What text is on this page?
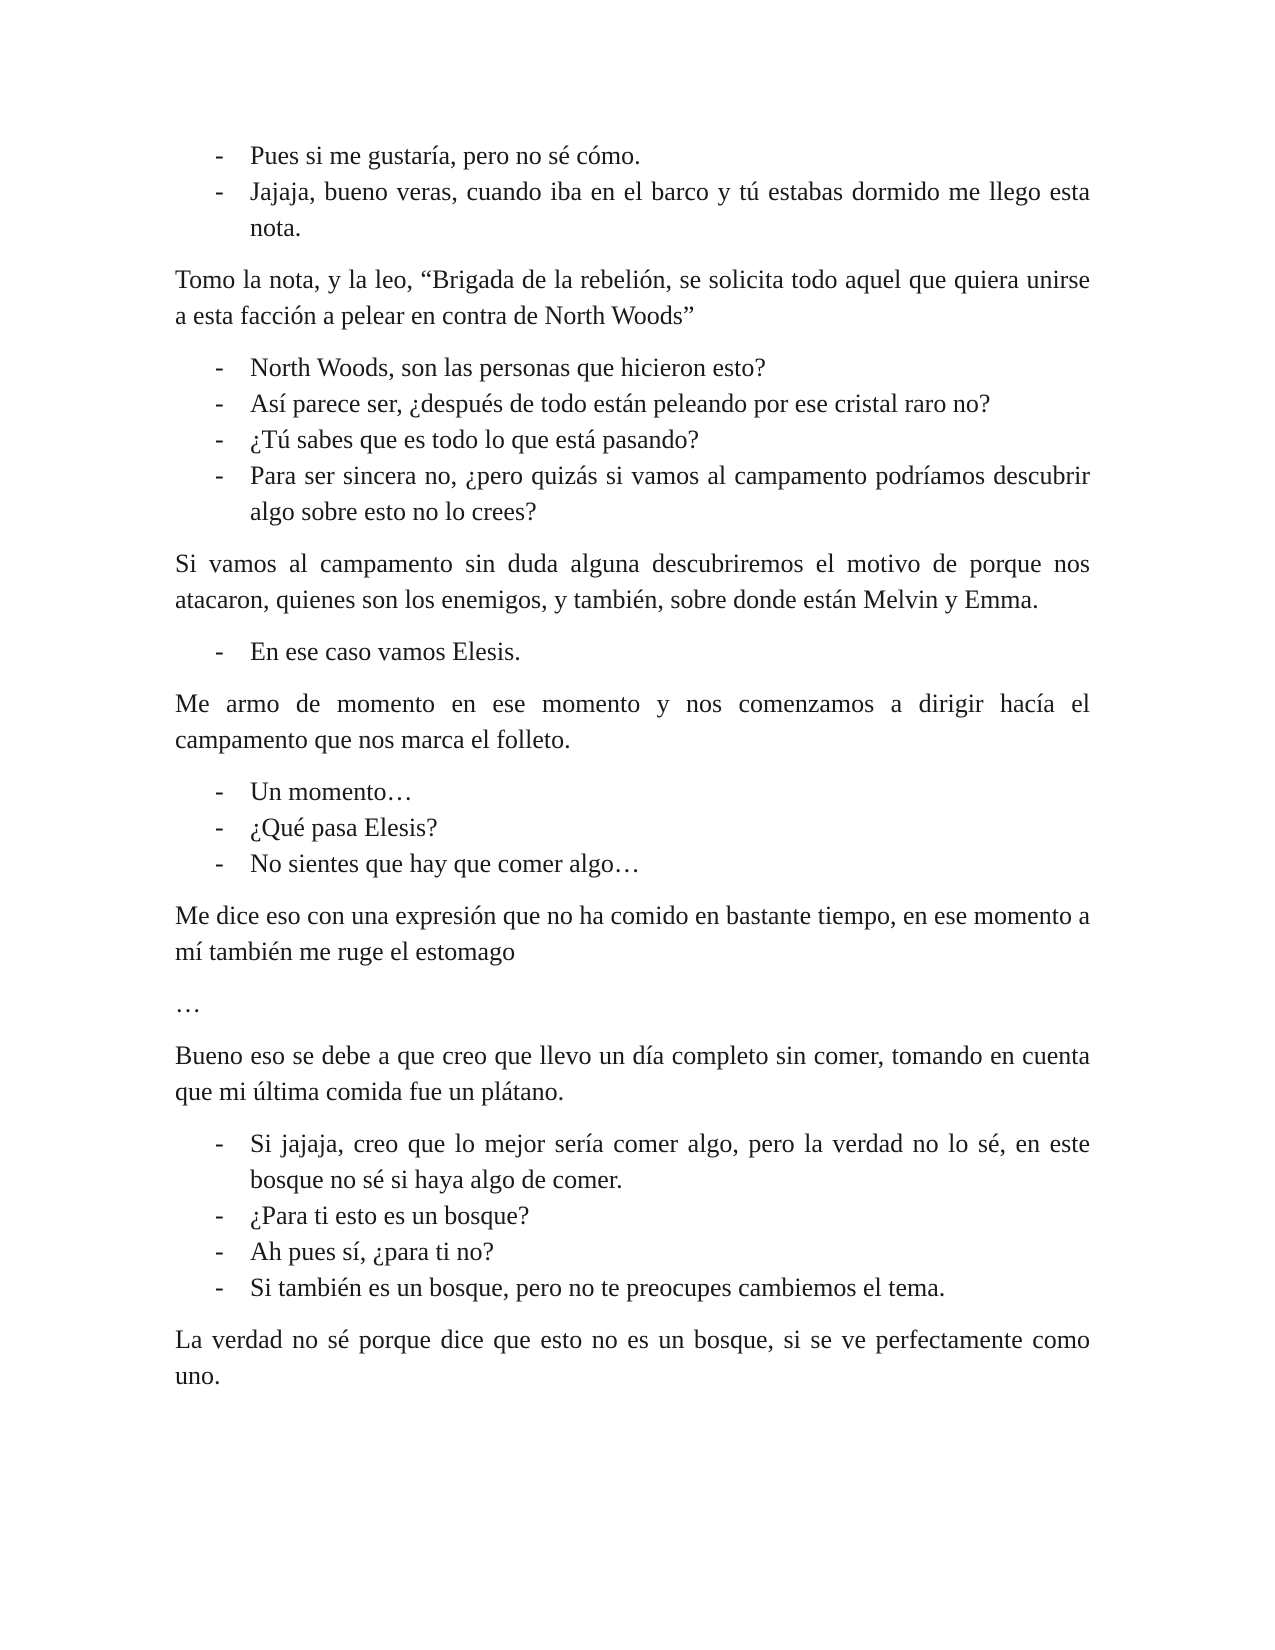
- Pues si me gustaría, pero no sé cómo.
- Jajaja, bueno veras, cuando iba en el barco y tú estabas dormido me llego esta nota.

Tomo la nota, y la leo, “Brigada de la rebelión, se solicita todo aquel que quiera unirse a esta facción a pelear en contra de North Woods”

- North Woods, son las personas que hicieron esto?
- Así parece ser, ¿después de todo están peleando por ese cristal raro no?
- ¿Tú sabes que es todo lo que está pasando?
- Para ser sincera no, ¿pero quizás si vamos al campamento podríamos descubrir algo sobre esto no lo crees?

Si vamos al campamento sin duda alguna descubriremos el motivo de porque nos atacaron, quienes son los enemigos, y también, sobre donde están Melvin y Emma.

- En ese caso vamos Elesis.

Me armo de momento en ese momento y nos comenzamos a dirigir hacía el campamento que nos marca el folleto.

- Un momento…
- ¿Qué pasa Elesis?
- No sientes que hay que comer algo…

Me dice eso con una expresión que no ha comido en bastante tiempo, en ese momento a mí también me ruge el estomago

…

Bueno eso se debe a que creo que llevo un día completo sin comer, tomando en cuenta que mi última comida fue un plátano.

- Si jajaja, creo que lo mejor sería comer algo, pero la verdad no lo sé, en este bosque no sé si haya algo de comer.
- ¿Para ti esto es un bosque?
- Ah pues sí, ¿para ti no?
- Si también es un bosque, pero no te preocupes cambiemos el tema.

La verdad no sé porque dice que esto no es un bosque, si se ve perfectamente como uno.
